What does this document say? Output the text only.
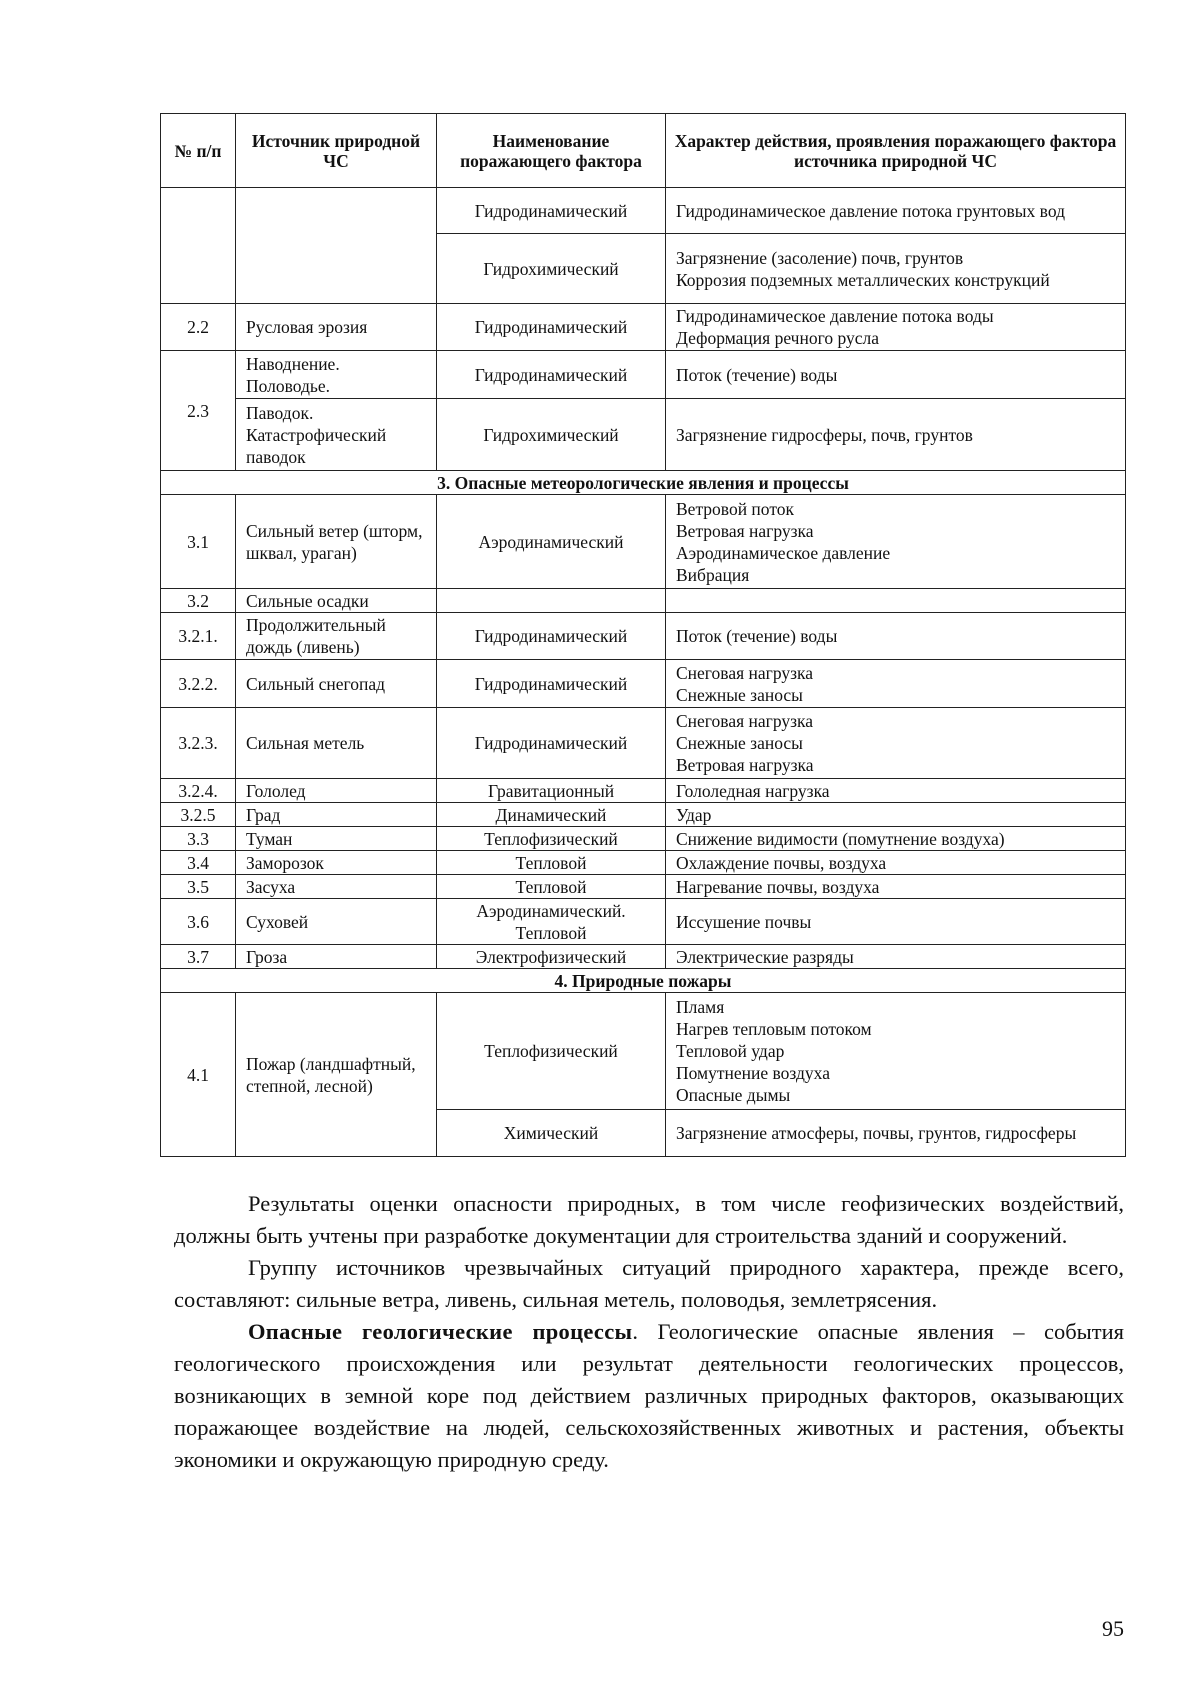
№ п/п	Источник природной ЧС	Наименование поражающего фактора	Характер действия, проявления поражающего фактора источника природной ЧС
		Гидродинамический	Гидродинамическое давление потока грунтовых вод

		Гидрохимический	Загрязнение (засоление) почв, грунтов
Коррозия подземных металлических конструкций

2.2	Русловая эрозия	Гидродинамический	Гидродинамическое давление потока воды
Деформация речного русла

2.3	Наводнение. Половодье.	Гидродинамический	Поток (течение) воды

	Паводок. Катастрофический паводок	Гидрохимический	Загрязнение гидросферы, почв, грунтов

3. Опасные метеорологические явления и процессы			
3.1	Сильный ветер (шторм, шквал, ураган)	Аэродинамический	Ветровой поток
Ветровая нагрузка
Аэродинамическое давление
Вибрация

3.2	Сильные осадки		
3.2.1.	Продолжительный дождь (ливень)	Гидродинамический	Поток (течение) воды

3.2.2.	Сильный снегопад	Гидродинамический	Снеговая нагрузка
Снежные заносы

3.2.3.	Сильная метель	Гидродинамический	Снеговая нагрузка
Снежные заносы
Ветровая нагрузка

3.2.4.	Гололед	Гравитационный	Гололедная нагрузка

3.2.5	Град	Динамический	Удар

3.3	Туман	Теплофизический	Снижение видимости (помутнение воздуха)

3.4	Заморозок	Тепловой	Охлаждение почвы, воздуха

3.5	Засуха	Тепловой	Нагревание почвы, воздуха

3.6	Суховей	Аэродинамический. Тепловой	Иссушение почвы

3.7	Гроза	Электрофизический	Электрические разряды

4. Природные пожары			
4.1	Пожар (ландшафтный, степной, лесной)	Теплофизический	Пламя
Нагрев тепловым потоком
Тепловой удар
Помутнение воздуха
Опасные дымы

		Химический	Загрязнение атмосферы, почвы, грунтов, гидросферы

Результаты оценки опасности природных, в том числе геофизических воздействий, должны быть учтены при разработке документации для строительства зданий и сооружений.

Группу источников чрезвычайных ситуаций природного характера, прежде всего, составляют: сильные ветра, ливень, сильная метель, половодья, землетрясения.

Опасные геологические процессы. Геологические опасные явления – события геологического происхождения или результат деятельности геологических процессов, возникающих в земной коре под действием различных природных факторов, оказывающих поражающее воздействие на людей, сельскохозяйственных животных и растения, объекты экономики и окружающую природную среду.

95
